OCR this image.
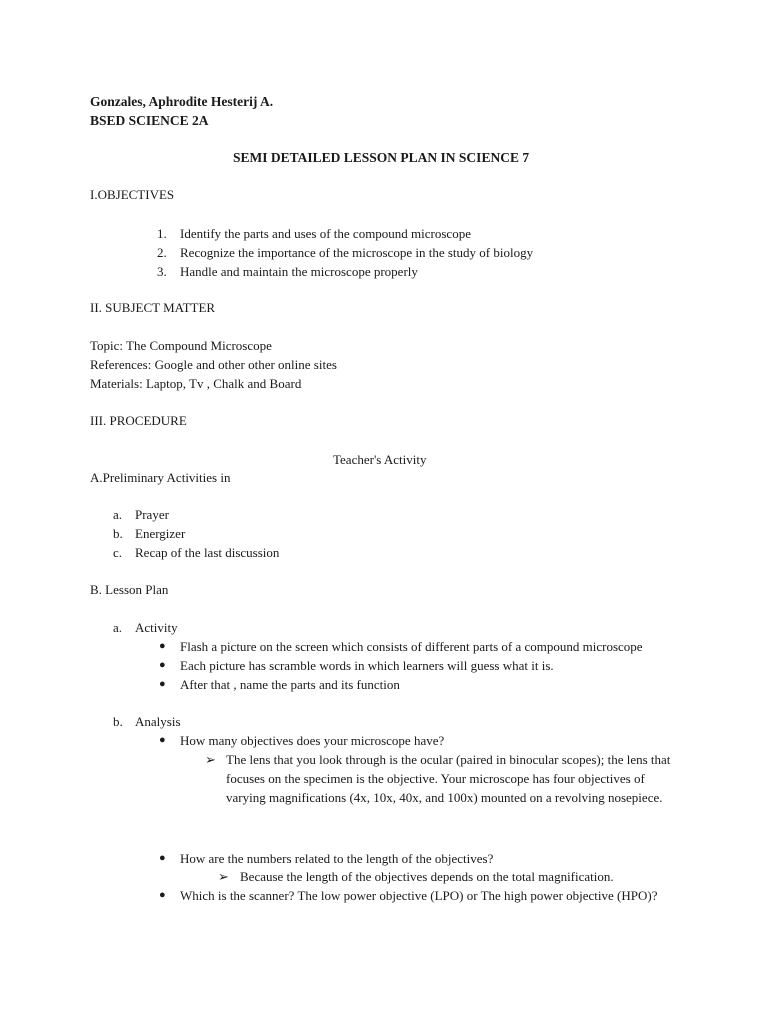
Gonzales, Aphrodite Hesterij A.
BSED SCIENCE 2A
SEMI DETAILED LESSON PLAN IN SCIENCE 7
I.OBJECTIVES
1. Identify the parts and uses of the compound microscope
2. Recognize the importance of the microscope in the study of biology
3. Handle and maintain the microscope properly
II. SUBJECT MATTER
Topic: The Compound Microscope
References: Google and other other online sites
Materials: Laptop, Tv , Chalk and Board
III. PROCEDURE
Teacher's Activity
A.Preliminary Activities in
a. Prayer
b. Energizer
c. Recap of the last discussion
B. Lesson Plan
a. Activity
● Flash a picture on the screen which consists of different parts of a compound microscope
● Each picture has scramble words in which learners will guess what it is.
● After that , name the parts and its function
b. Analysis
● How many objectives does your microscope have?
➢ The lens that you look through is the ocular (paired in binocular scopes); the lens that focuses on the specimen is the objective. Your microscope has four objectives of varying magnifications (4x, 10x, 40x, and 100x) mounted on a revolving nosepiece.
● How are the numbers related to the length of the objectives?
➢ Because the length of the objectives depends on the total magnification.
● Which is the scanner? The low power objective (LPO) or The high power objective (HPO)?
